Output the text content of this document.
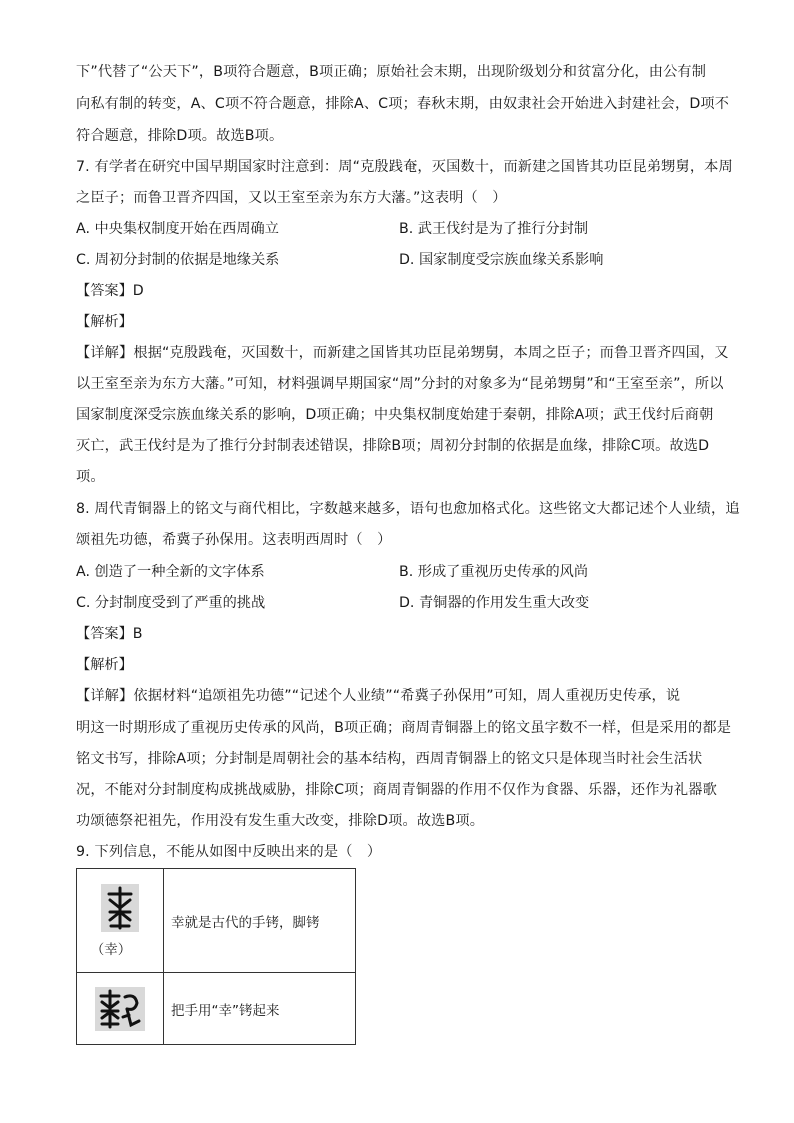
下”代替了“公天下”，B项符合题意，B项正确；原始社会末期，出现阶级划分和贫富分化，由公有制
向私有制的转变，A、C项不符合题意，排除A、C项；春秋末期，由奴隶社会开始进入封建社会，D项不
符合题意，排除D项。故选B项。
7. 有学者在研究中国早期国家时注意到：周“克殷践奄，灭国数十，而新建之国皆其功臣昆弟甥舅，本周
之臣子；而鲁卫晋齐四国，又以王室至亲为东方大藩。”这表明（　）
A. 中央集权制度开始在西周确立	B. 武王伐纣是为了推行分封制
C. 周初分封制的依据是地缘关系	D. 国家制度受宗族血缘关系影响
【答案】D
【解析】
【详解】根据“克殷践奄，灭国数十，而新建之国皆其功臣昆弟甥舅，本周之臣子；而鲁卫晋齐四国，又
以王室至亲为东方大藩。”可知，材料强调早期国家“周”分封的对象多为“昆弟甥舅”和“王室至亲”，所以
国家制度深受宗族血缘关系的影响，D项正确；中央集权制度始建于秦朝，排除A项；武王伐纣后商朝
灭亡，武王伐纣是为了推行分封制表述错误，排除B项；周初分封制的依据是血缘，排除C项。故选D
项。
8. 周代青铜器上的铭文与商代相比，字数越来越多，语句也愈加格式化。这些铭文大都记述个人业绩，追
颂祖先功德，希冀子孙保用。这表明西周时（　）
A. 创造了一种全新的文字体系	B. 形成了重视历史传承的风尚
C. 分封制度受到了严重的挑战	D. 青铜器的作用发生重大改变
【答案】B
【解析】
【详解】依据材料“追颂祖先功德”“记述个人业绩”“希冀子孙保用”可知，周人重视历史传承，说
明这一时期形成了重视历史传承的风尚，B项正确；商周青铜器上的铭文虽字数不一样，但是采用的都是
铭文书写，排除A项；分封制是周朝社会的基本结构，西周青铜器上的铭文只是体现当时社会生活状
况，不能对分封制度构成挑战威胁，排除C项；商周青铜器的作用不仅作为食器、乐器，还作为礼器歌
功颂德祭祀祖先，作用没有发生重大改变，排除D项。故选B项。
9. 下列信息，不能从如图中反映出来的是（　）
（幸）	幸就是古代的手铐，脚铐

	把手用“幸”铐起来
